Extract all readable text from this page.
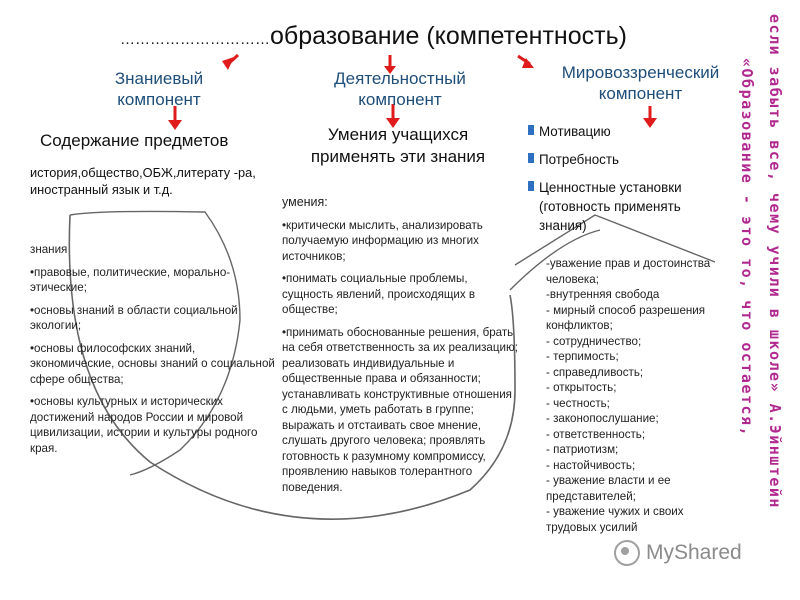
…………………………образование (компетентность)
Знаниевый компонент
Деятельностный компонент
Мировоззренческий компонент
Содержание предметов
история,общество,ОБЖ,литерату -ра, иностранный язык и т.д.

знания

•правовые, политические, морально-этические;

•основы знаний в области социальной экологии;

•основы философских знаний, экономические, основы знаний о социальной сфере общества;

•основы культурных и исторических достижений народов России и мировой цивилизации, истории и культуры родного края.

Умения учащихся применять эти знания

умения:

•критически мыслить, анализировать получаемую информацию из многих источников;

•понимать социальные проблемы, сущность явлений, происходящих в обществе;

•принимать обоснованные решения, брать на себя ответственность за их реализацию; реализовать индивидуальные и общественные права и обязанности; устанавливать конструктивные отношения с людьми, уметь работать в группе; выражать и отстаивать свое мнение, слушать другого человека; проявлять готовность к разумному компромиссу, проявлению навыков толерантного поведения.

Мотивацию
Потребность
Ценностные установки (готовность применять знания)
-уважение прав и достоинства человека;
-внутренняя свобода
- мирный способ разрешения конфликтов;
- сотрудничество;
- терпимость;
- справедливость;
- открытость;
- честность;
- законопослушание;
- ответственность;
- патриотизм;
- настойчивость;
- уважение власти и ее представителей;
- уважение чужих и своих трудовых усилий
если забыть все, чему учили в школе» А.Эйнштейн
«Образование - это то, что остается,
MyShared
